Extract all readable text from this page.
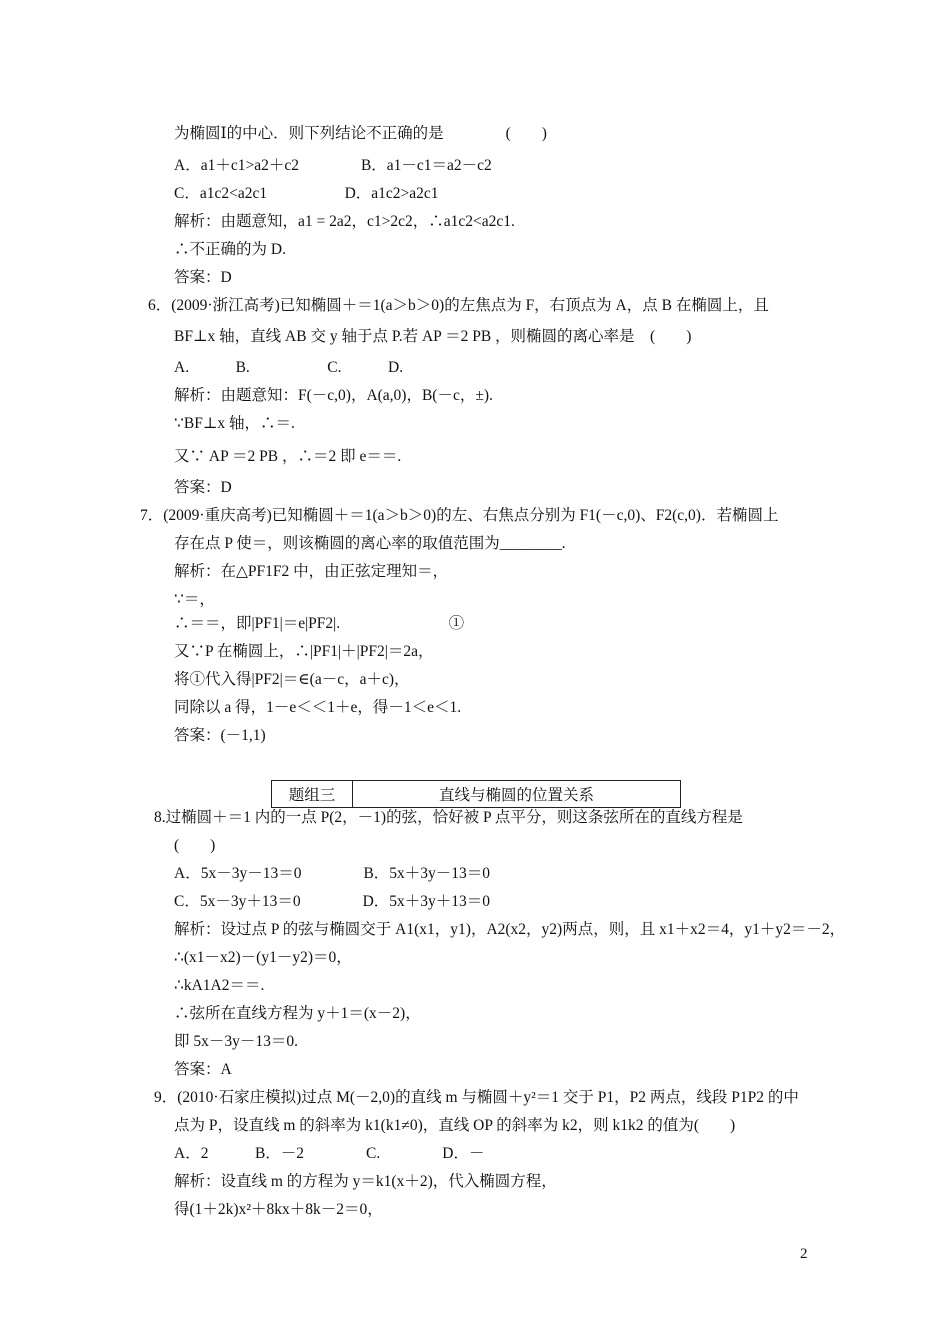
为椭圆Ⅰ的中心．则下列结论不正确的是　　　　(　　)
A．a1＋c1>a2＋c2　　　　B．a1－c1＝a2－c2
C．a1c2<a2c1　　　　　D．a1c2>a2c1
解析：由题意知，a1 = 2a2，c1>2c2，∴a1c2<a2c1.
∴不正确的为 D.
答案：D
6．(2009·浙江高考)已知椭圆＋＝1(a＞b＞0)的左焦点为 F，右顶点为 A，点 B 在椭圆上，且
BF⊥x 轴，直线 AB 交 y 轴于点 P.若 AP ＝2 PB ，则椭圆的离心率是　(　　)
A.　　　B.　　　　　C.　　　D.
解析：由题意知：F(－c,0)，A(a,0)，B(－c，±).
∵BF⊥x 轴，∴＝.
又∵ AP ＝2 PB ，∴＝2 即 e＝＝.
答案：D
7．(2009·重庆高考)已知椭圆＋＝1(a＞b＞0)的左、右焦点分别为 F1(－c,0)、F2(c,0)．若椭圆上
存在点 P 使＝，则该椭圆的离心率的取值范围为________.
解析：在△PF1F2 中，由正弦定理知＝，
∵＝，
∴＝＝，即|PF1|＝e|PF2|.　　　　　　　①
又∵P 在椭圆上，∴|PF1|＋|PF2|＝2a，
将①代入得|PF2|＝∈(a－c，a＋c)，
同除以 a 得，1－e＜＜1＋e，得－1＜e＜1.
答案：(－1,1)
题组三	直线与椭圆的位置关系
8.过椭圆＋＝1 内的一点 P(2，－1)的弦，恰好被 P 点平分，则这条弦所在的直线方程是
(　　)
A．5x－3y－13＝0　　　　B．5x＋3y－13＝0
C．5x－3y＋13＝0　　　　D．5x＋3y＋13＝0
解析：设过点 P 的弦与椭圆交于 A1(x1，y1)，A2(x2，y2)两点，则，且 x1＋x2＝4，y1＋y2＝－2，
∴(x1－x2)－(y1－y2)＝0，
∴kA1A2＝＝.
∴弦所在直线方程为 y＋1＝(x－2)，
即 5x－3y－13＝0.
答案：A
9．(2010·石家庄模拟)过点 M(－2,0)的直线 m 与椭圆＋y²＝1 交于 P1，P2 两点，线段 P1P2 的中
点为 P，设直线 m 的斜率为 k1(k1≠0)，直线 OP 的斜率为 k2，则 k1k2 的值为(　　)
A．2　　　B．－2　　　　C.　　　　D．－
解析：设直线 m 的方程为 y＝k1(x＋2)，代入椭圆方程，
得(1＋2k)x²＋8kx＋8k－2＝0，
2
